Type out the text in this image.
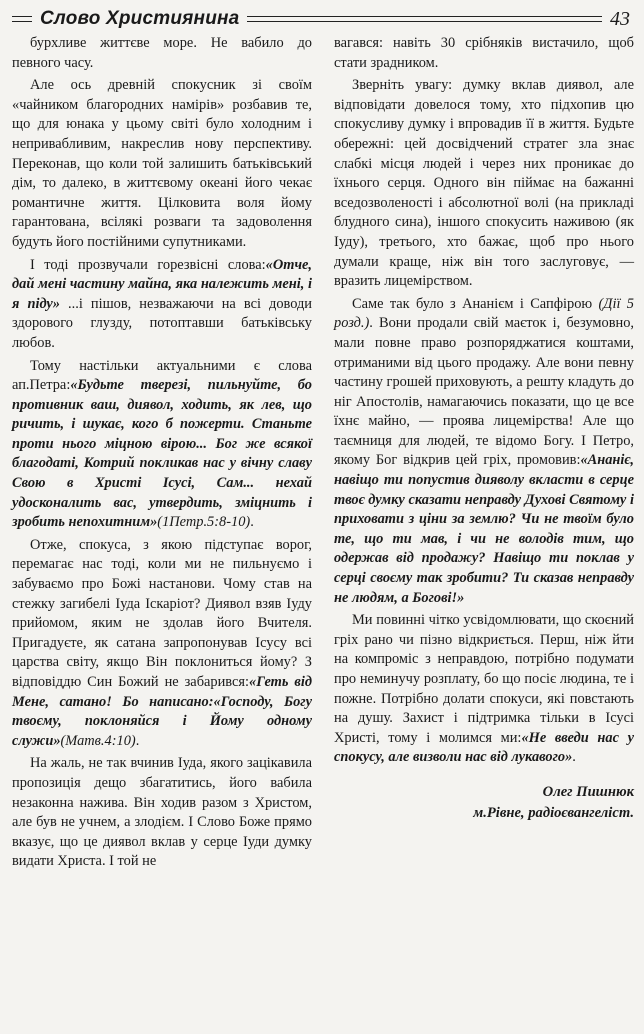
Слово Християнина	43

бурхливе життєве море. Не вабило до певного часу.

Але ось древній спокусник зі своїм «чайником благородних намірів» розбавив те, що для юнака у цьому світі було холодним і непривабливим, накреслив нову перспективу. Переконав, що коли той залишить батьківський дім, то далеко, в життєвому океані його чекає романтичне життя. Цілковита воля йому гарантована, всілякі розваги та задоволення будуть його постійними супутниками.

І тоді прозвучали горезвісні слова:«Отче, дай мені частину майна, яка належить мені, і я піду» ...і пішов, незважаючи на всі доводи здорового глузду, потоптавши батьківську любов.

Тому настільки актуальними є слова ап.Петра:«Будьте тверезі, пильнуйте, бо противник ваш, диявол, ходить, як лев, що ричить, і шукає, кого б пожерти. Станьте проти нього міцною вірою... Бог же всякої благодаті, Котрий покликав нас у вічну славу Свою в Христі Ісусі, Сам... нехай удосконалить вас, утвердить, зміцнить і зробить непохитним»(1Петр.5:8-10).

Отже, спокуса, з якою підступає ворог, перемагає нас тоді, коли ми не пильнуємо і забуваємо про Божі настанови. Чому став на стежку загибелі Іуда Іскаріот? Диявол взяв Іуду прийомом, яким не здолав його Вчителя. Пригадуєте, як сатана запропонував Ісусу всі царства світу, якщо Він поклониться йому? З відповіддю Син Божий не забарився:«Геть від Мене, сатано! Бо написано:«Господу, Богу твоєму, поклоняйся і Йому одному служи»(Матв.4:10).

На жаль, не так вчинив Іуда, якого зацікавила пропозиція дещо збагатитись, його вабила незаконна нажива. Він ходив разом з Христом, але був не учнем, а злодієм. І Слово Боже прямо вказує, що це диявол вклав у серце Іуди думку видати Христа. І той не

вагався: навіть 30 срібняків вистачило, щоб стати зрадником.

Зверніть увагу: думку вклав диявол, але відповідати довелося тому, хто підхопив цю спокусливу думку і впровадив її в життя. Будьте обережні: цей досвідчений стратег зла знає слабкі місця людей і через них проникає до їхнього серця. Одного він піймає на бажанні вседозволеності і абсолютної волі (на прикладі блудного сина), іншого спокусить наживою (як Іуду), третього, хто бажає, щоб про нього думали краще, ніж він того заслуговує, — вразить лицемірством.

Саме так було з Ананієм і Сапфірою (Дії 5 розд.). Вони продали свій маєток і, безумовно, мали повне право розпоряджатися коштами, отриманими від цього продажу. Але вони певну частину грошей приховують, а решту кладуть до ніг Апостолів, намагаючись показати, що це все їхнє майно, — проява лицемірства! Але що таємниця для людей, те відомо Богу. І Петро, якому Бог відкрив цей гріх, промовив:«Ананіє, навіщо ти попустив дияволу вкласти в серце твоє думку сказати неправду Духові Святому і приховати з ціни за землю? Чи не твоїм було те, що ти мав, і чи не володів тим, що одержав від продажу? Навіщо ти поклав у серці своєму так зробити? Ти сказав неправду не людям, а Богові!»

Ми повинні чітко усвідомлювати, що скоєний гріх рано чи пізно відкриється. Перш, ніж йти на компроміс з неправдою, потрібно подумати про неминучу розплату, бо що посіє людина, те і пожне. Потрібно долати спокуси, які повстають на душу. Захист і підтримка тільки в Ісусі Христі, тому і молимся ми:«Не введи нас у спокусу, але визволи нас від лукавого».

Олег Пишнюк
м.Рівне, радіоєвангеліст.
